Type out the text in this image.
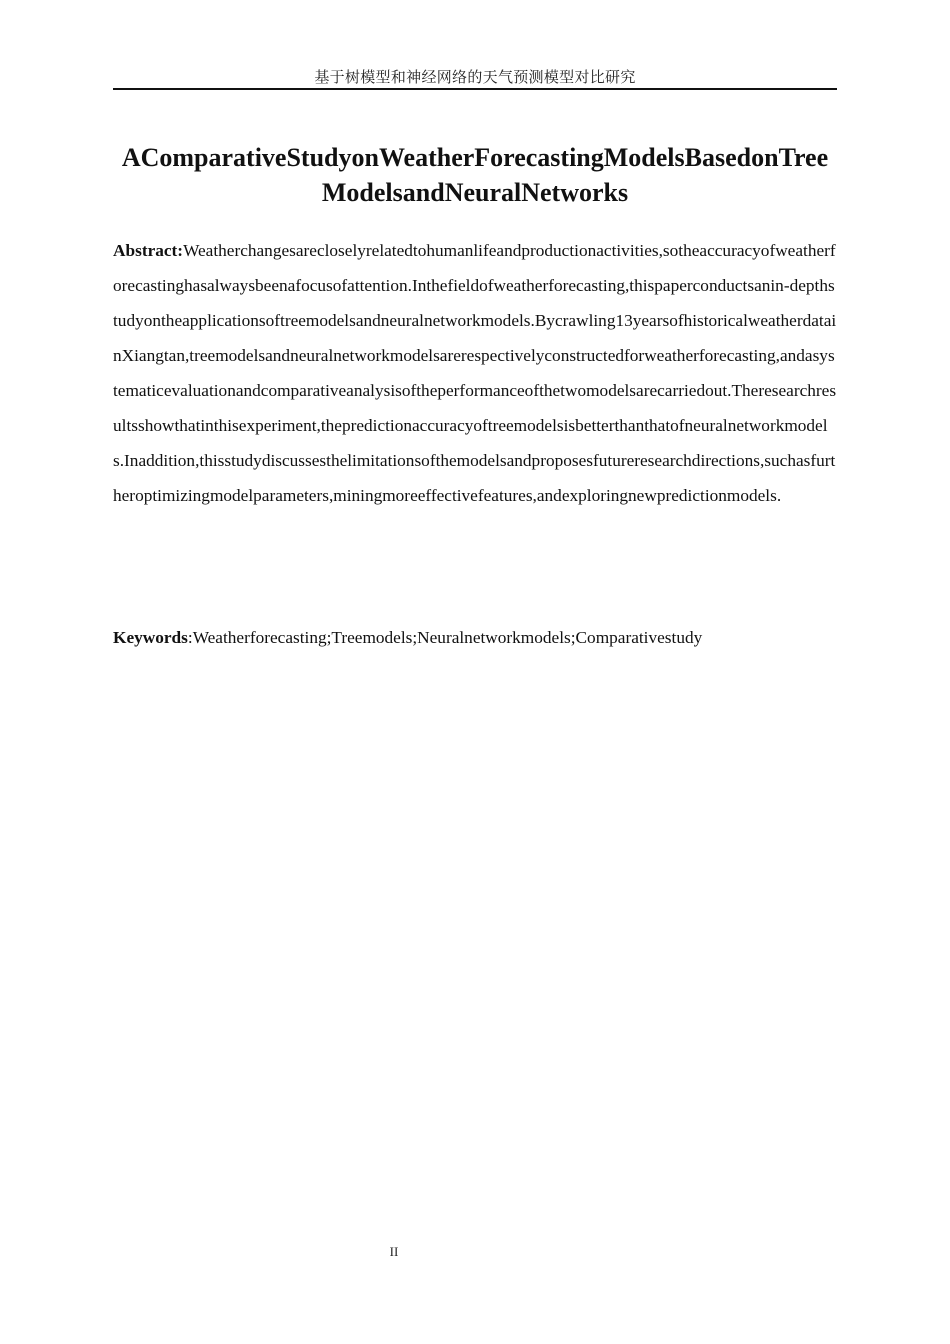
基于树模型和神经网络的天气预测模型对比研究
AComparativeStudyonWeatherForecastingModelsBasedonTreeModelsandNeuralNetworks

Abstract:Weatherchangesarecloselyrelatedtohumanlifeandproductionactivities,sotheaccuracyofweatherforecastinghasalwaysbeenafocusofattention.Inthefieldofweatherforecasting,thispaperconductsanin-depthstudyontheapplicationsoftreemodelsandneuralnetworkmodels.Bycrawling13yearsofhistoricalweatherdatainXiangtan,treemodelsandneuralnetworkmodelsarerespectivelyconstructedforweatherforecasting,andasystematicevaluationandcomparativeanalysisoftheperformanceofthetwomodelsarecarriedout.Theresearchresultsshowthatinthisexperiment,thepredictionaccuracyoftreemodelsisbetterthanthatofneuralnetworkmodels.Inaddition,thisstudydiscussesthelimitationsofthemodelsandproposesfutureresearchdirections,suchasfurtheroptimizingmodelparameters,miningmoreeffectivefeatures,andexploringnewpredictionmodels.

Keywords:Weatherforecasting;Treemodels;Neuralnetworkmodels;Comparativestudy

II
